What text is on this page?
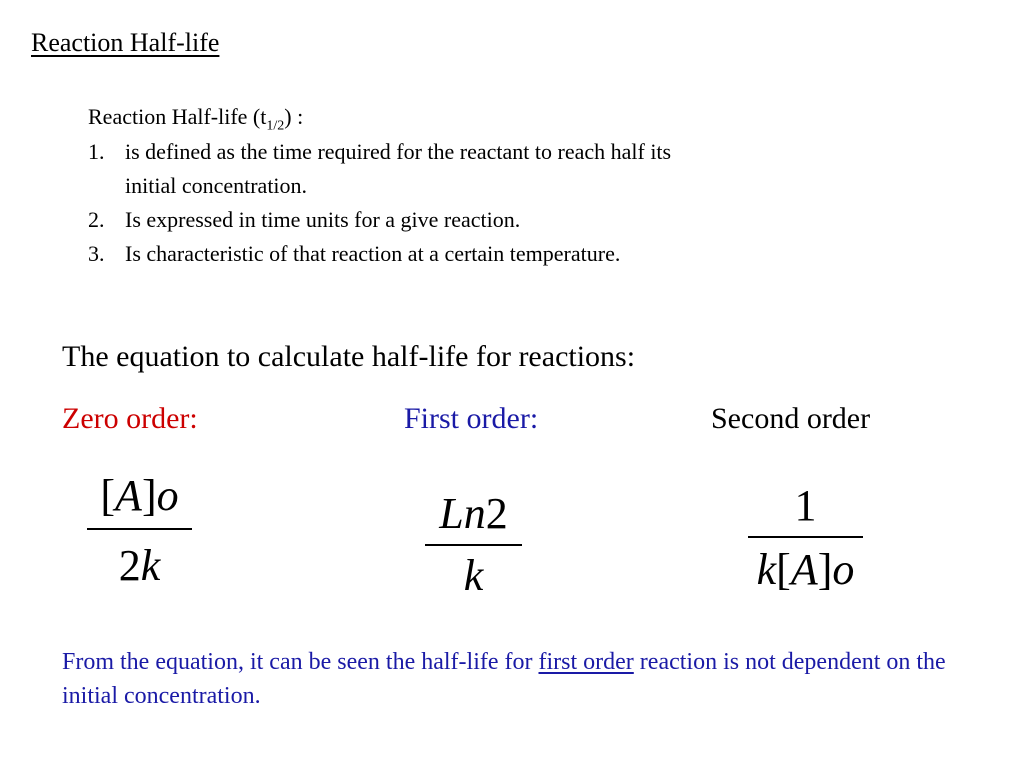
Reaction Half-life
Reaction Half-life $(t_{1/2})$ :
1. is defined as the time required for the reactant to reach half its
initial concentration.
2. Is expressed in time units for a give reaction.
3. Is characteristic of that reaction at a certain temperature.
The equation to calculate half-life for reactions:
Zero order:	First order:	Second order
[A]o
2k
Ln2
k
1
k[A]o
From the equation, it can be seen the half-life for first order reaction is not dependent on the initial concentration.
